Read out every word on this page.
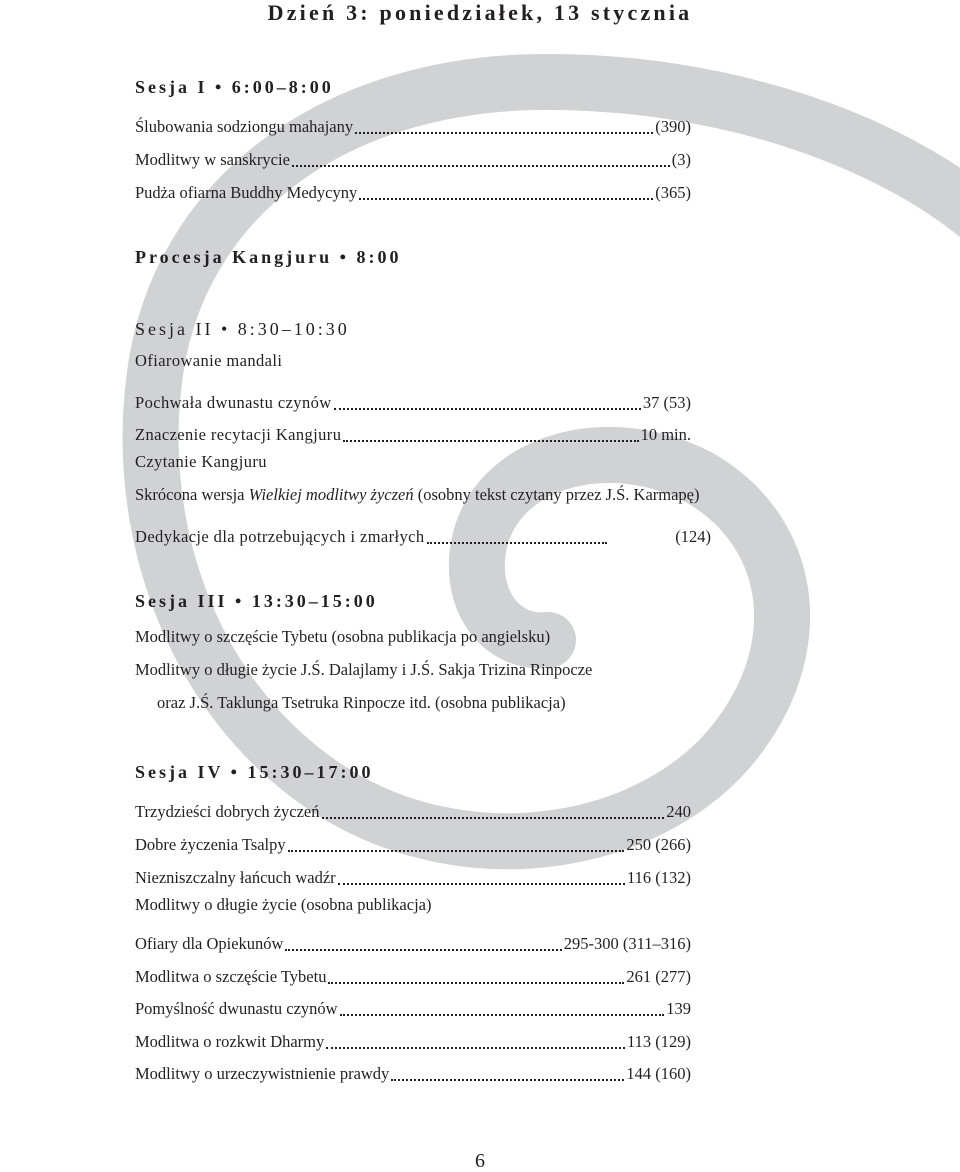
Dzień 3: poniedziałek, 13 stycznia
Sesja I • 6:00–8:00
Ślubowania sodziongu mahajany	(390)
Modlitwy w sanskrycie	(3)
Pudża ofiarna Buddhy Medycyny	(365)
Procesja Kangjuru • 8:00
Sesja II • 8:30–10:30
Ofiarowanie mandali
Pochwała dwunastu czynów	37 (53)
Znaczenie recytacji Kangjuru	10 min.
Czytanie Kangjuru
Skrócona wersja Wielkiej modlitwy życzeń (osobny tekst czytany przez J.Ś. Karmapę)
Dedykacje dla potrzebujących i zmarłych	(124)
Sesja III • 13:30–15:00
Modlitwy o szczęście Tybetu (osobna publikacja po angielsku)
Modlitwy o długie życie J.Ś. Dalajlamy i J.Ś. Sakja Trizina Rinpocze
oraz J.Ś. Taklunga Tsetruka Rinpocze itd. (osobna publikacja)
Sesja IV • 15:30–17:00
Trzydzieści dobrych życzeń	240
Dobre życzenia Tsalpy	250 (266)
Niezniszczalny łańcuch wadźr	116 (132)
Modlitwy o długie życie (osobna publikacja)
Ofiary dla Opiekunów	295-300 (311–316)
Modlitwa o szczęście Tybetu	261 (277)
Pomyślność dwunastu czynów	139
Modlitwa o rozkwit Dharmy	113 (129)
Modlitwy o urzeczywistnienie prawdy	144 (160)
6
